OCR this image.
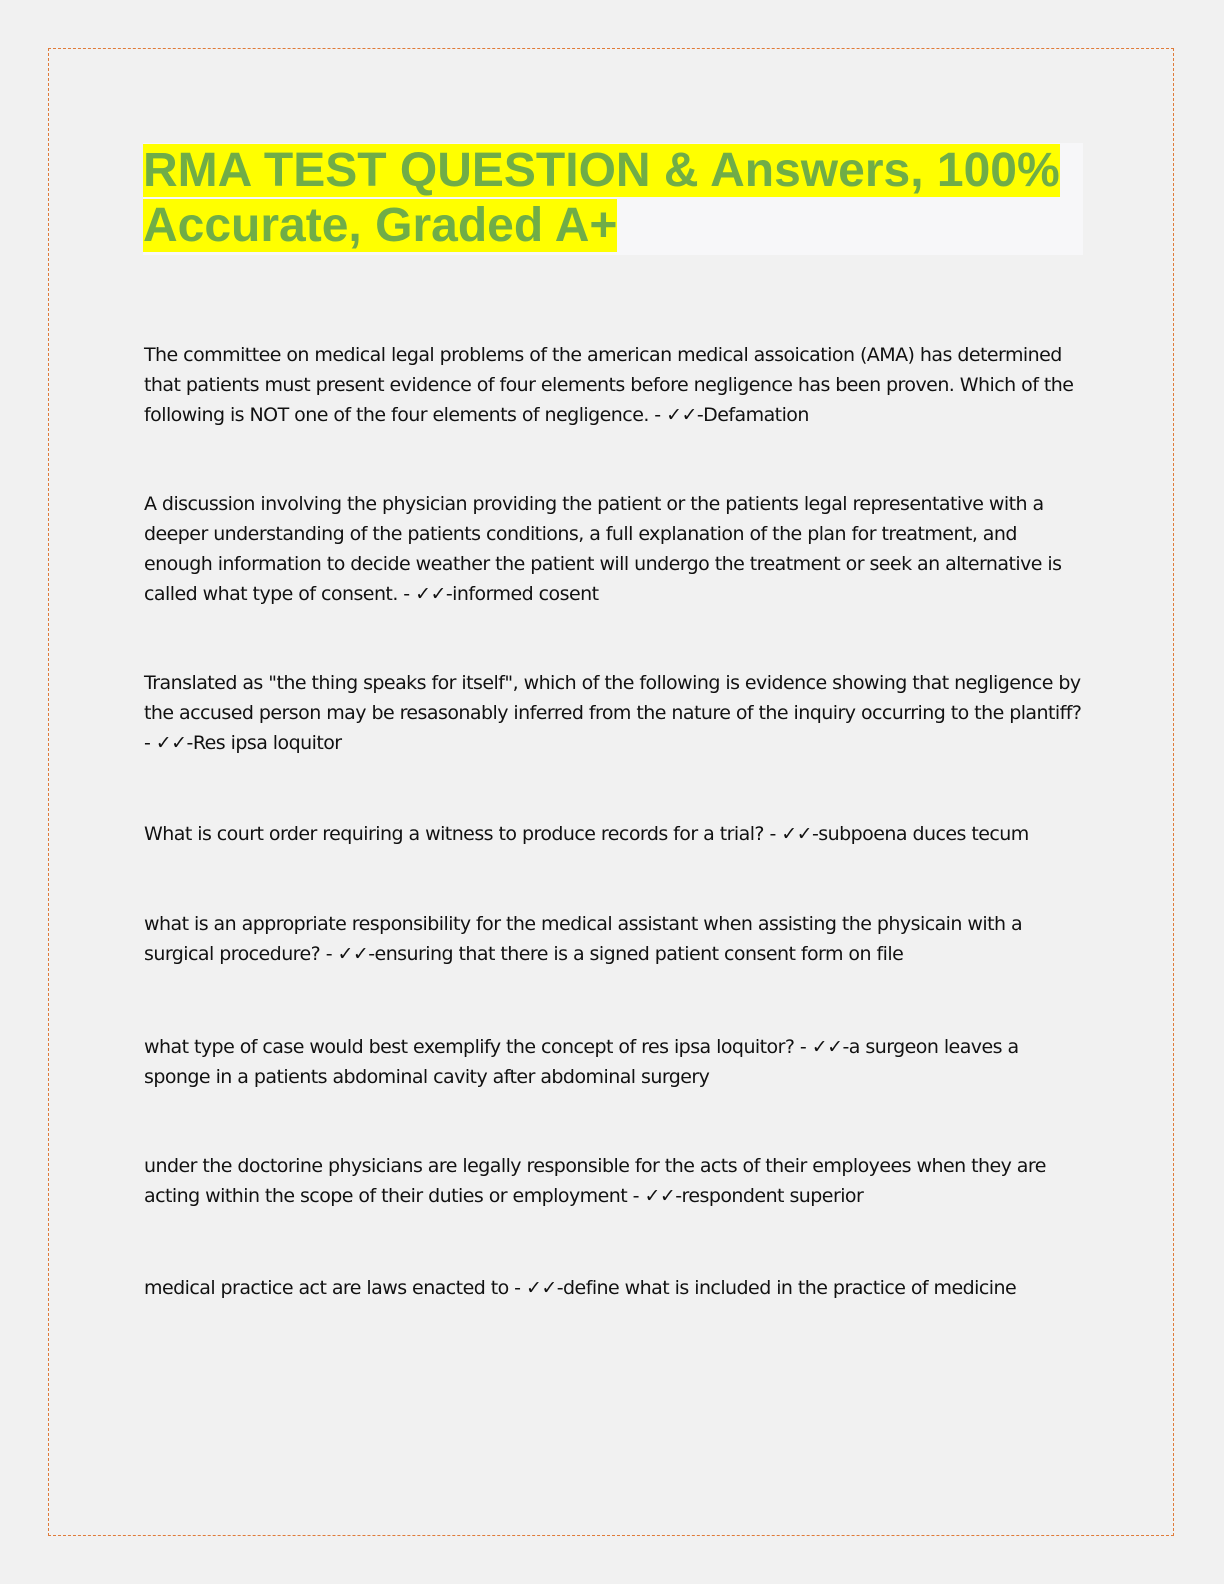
RMA TEST QUESTION & Answers, 100%
Accurate, Graded A+

The committee on medical legal problems of the american medical assoication (AMA) has determined that patients must present evidence of four elements before negligence has been proven. Which of the following is NOT one of the four elements of negligence. - ✓✓-Defamation

A discussion involving the physician providing the patient or the patients legal representative with a deeper understanding of the patients conditions, a full explanation of the plan for treatment, and enough information to decide weather the patient will undergo the treatment or seek an alternative is called what type of consent. - ✓✓-informed cosent

Translated as "the thing speaks for itself", which of the following is evidence showing that negligence by the accused person may be resasonably inferred from the nature of the inquiry occurring to the plantiff? - ✓✓-Res ipsa loquitor

What is court order requiring a witness to produce records for a trial? - ✓✓-subpoena duces tecum

what is an appropriate responsibility for the medical assistant when assisting the physicain with a surgical procedure? - ✓✓-ensuring that there is a signed patient consent form on file

what type of case would best exemplify the concept of res ipsa loquitor? - ✓✓-a surgeon leaves a sponge in a patients abdominal cavity after abdominal surgery

under the doctorine physicians are legally responsible for the acts of their employees when they are acting within the scope of their duties or employment - ✓✓-respondent superior

medical practice act are laws enacted to - ✓✓-define what is included in the practice of medicine
